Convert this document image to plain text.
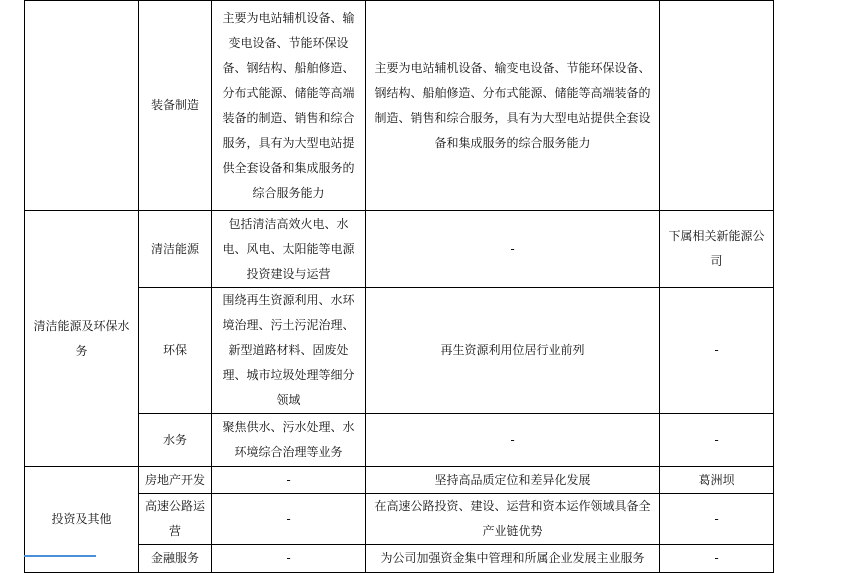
	装备制造	主要为电站辅机设备、输变电设备、节能环保设备、钢结构、船舶修造、分布式能源、储能等高端装备的制造、销售和综合服务，具有为大型电站提供全套设备和集成服务的综合服务能力	主要为电站辅机设备、输变电设备、节能环保设备、钢结构、船舶修造、分布式能源、储能等高端装备的制造、销售和综合服务，具有为大型电站提供全套设备和集成服务的综合服务能力	
清洁能源及环保水务	清洁能源	包括清洁高效火电、水电、风电、太阳能等电源投资建设与运营	-	下属相关新能源公司
	环保	围绕再生资源利用、水环境治理、污土污泥治理、新型道路材料、固废处理、城市垃圾处理等细分领域	再生资源利用位居行业前列	-
	水务	聚焦供水、污水处理、水环境综合治理等业务	-	-
投资及其他	房地产开发	-	坚持高品质定位和差异化发展	葛洲坝
	高速公路运营	-	在高速公路投资、建设、运营和资本运作领域具备全产业链优势	-
	金融服务	-	为公司加强资金集中管理和所属企业发展主业服务	-
